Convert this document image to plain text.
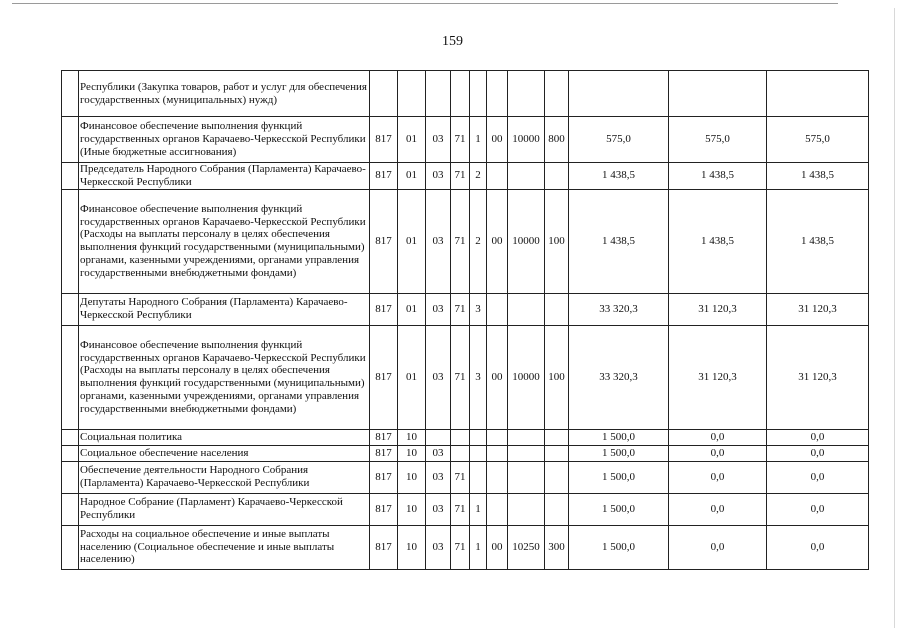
159
	Республики (Закупка товаров, работ и услуг для обеспечения государственных (муниципальных) нужд)											
	Финансовое обеспечение выполнения функций государственных органов Карачаево-Черкесской Республики (Иные бюджетные ассигнования)	817	01	03	71	1	00	10000	800	575,0	575,0	575,0
	Председатель Народного Собрания (Парламента) Карачаево-Черкесской Республики	817	01	03	71	2				1 438,5	1 438,5	1 438,5
	Финансовое обеспечение выполнения функций государственных органов Карачаево-Черкесской Республики (Расходы на выплаты персоналу в целях обеспечения выполнения функций государственными (муниципальными) органами, казенными учреждениями, органами управления государственными внебюджетными фондами)	817	01	03	71	2	00	10000	100	1 438,5	1 438,5	1 438,5
	Депутаты Народного Собрания (Парламента) Карачаево-Черкесской Республики	817	01	03	71	3				33 320,3	31 120,3	31 120,3
	Финансовое обеспечение выполнения функций государственных органов Карачаево-Черкесской Республики (Расходы на выплаты персоналу в целях обеспечения выполнения функций государственными (муниципальными) органами, казенными учреждениями, органами управления государственными внебюджетными фондами)	817	01	03	71	3	00	10000	100	33 320,3	31 120,3	31 120,3
	Социальная политика	817	10							1 500,0	0,0	0,0
	Социальное обеспечение населения	817	10	03						1 500,0	0,0	0,0
	Обеспечение деятельности Народного Собрания (Парламента) Карачаево-Черкесской Республики	817	10	03	71					1 500,0	0,0	0,0
	Народное Собрание (Парламент) Карачаево-Черкесской Республики	817	10	03	71	1				1 500,0	0,0	0,0
	Расходы на социальное обеспечение и иные выплаты населению (Социальное обеспечение и иные выплаты населению)	817	10	03	71	1	00	10250	300	1 500,0	0,0	0,0
